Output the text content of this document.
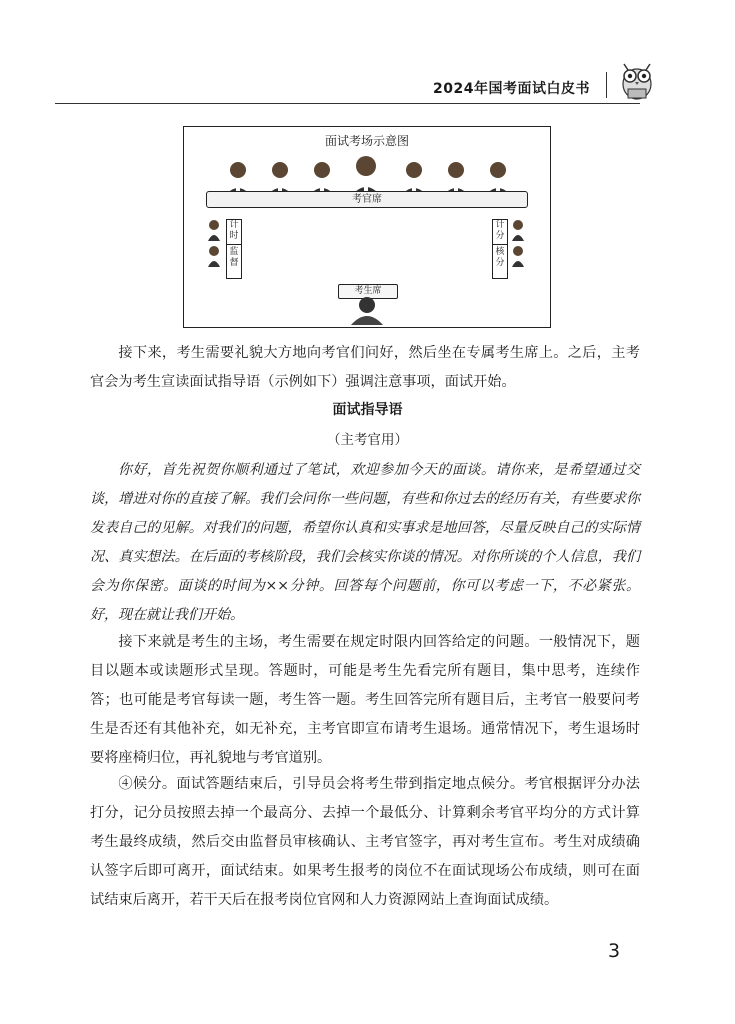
2024年国考面试白皮书
面试考场示意图
考官席
计时
监督
计分
核分
考生席

接下来，考生需要礼貌大方地向考官们问好，然后坐在专属考生席上。之后，主考官会为考生宣读面试指导语（示例如下）强调注意事项，面试开始。

面试指导语
（主考官用）

你好，首先祝贺你顺利通过了笔试，欢迎参加今天的面谈。请你来，是希望通过交谈，增进对你的直接了解。我们会问你一些问题，有些和你过去的经历有关，有些要求你发表自己的见解。对我们的问题，希望你认真和实事求是地回答，尽量反映自己的实际情况、真实想法。在后面的考核阶段，我们会核实你谈的情况。对你所谈的个人信息，我们会为你保密。面谈的时间为××分钟。回答每个问题前，你可以考虑一下，不必紧张。好，现在就让我们开始。

接下来就是考生的主场，考生需要在规定时限内回答给定的问题。一般情况下，题目以题本或读题形式呈现。答题时，可能是考生先看完所有题目，集中思考，连续作答；也可能是考官每读一题，考生答一题。考生回答完所有题目后，主考官一般要问考生是否还有其他补充，如无补充，主考官即宣布请考生退场。通常情况下，考生退场时要将座椅归位，再礼貌地与考官道别。

④候分。面试答题结束后，引导员会将考生带到指定地点候分。考官根据评分办法打分，记分员按照去掉一个最高分、去掉一个最低分、计算剩余考官平均分的方式计算考生最终成绩，然后交由监督员审核确认、主考官签字，再对考生宣布。考生对成绩确认签字后即可离开，面试结束。如果考生报考的岗位不在面试现场公布成绩，则可在面试结束后离开，若干天后在报考岗位官网和人力资源网站上查询面试成绩。

3
